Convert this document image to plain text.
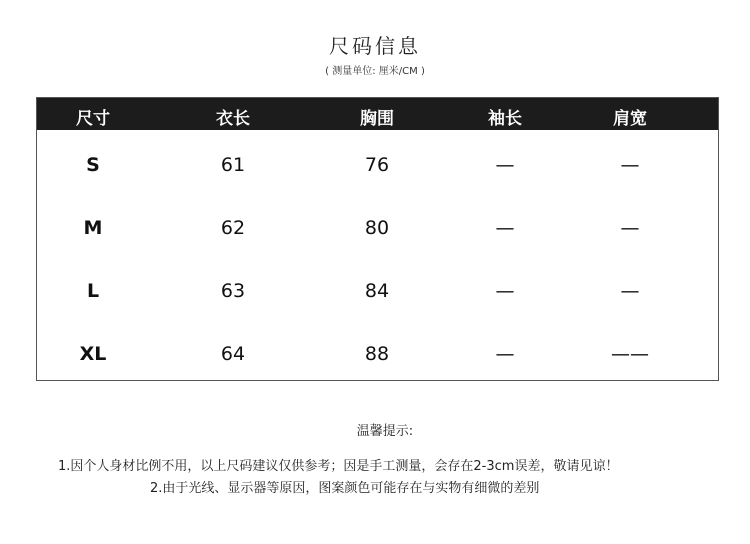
尺码信息
( 测量单位: 厘米/CM )
尺寸	衣长	胸围	袖长	肩宽
S	61	76	—	—
M	62	80	—	—
L	63	84	—	—
XL	64	88	—	——
温馨提示:
1.因个人身材比例不用，以上尺码建议仅供参考；因是手工测量，会存在2-3cm误差，敬请见谅！
2.由于光线、显示器等原因，图案颜色可能存在与实物有细微的差别
